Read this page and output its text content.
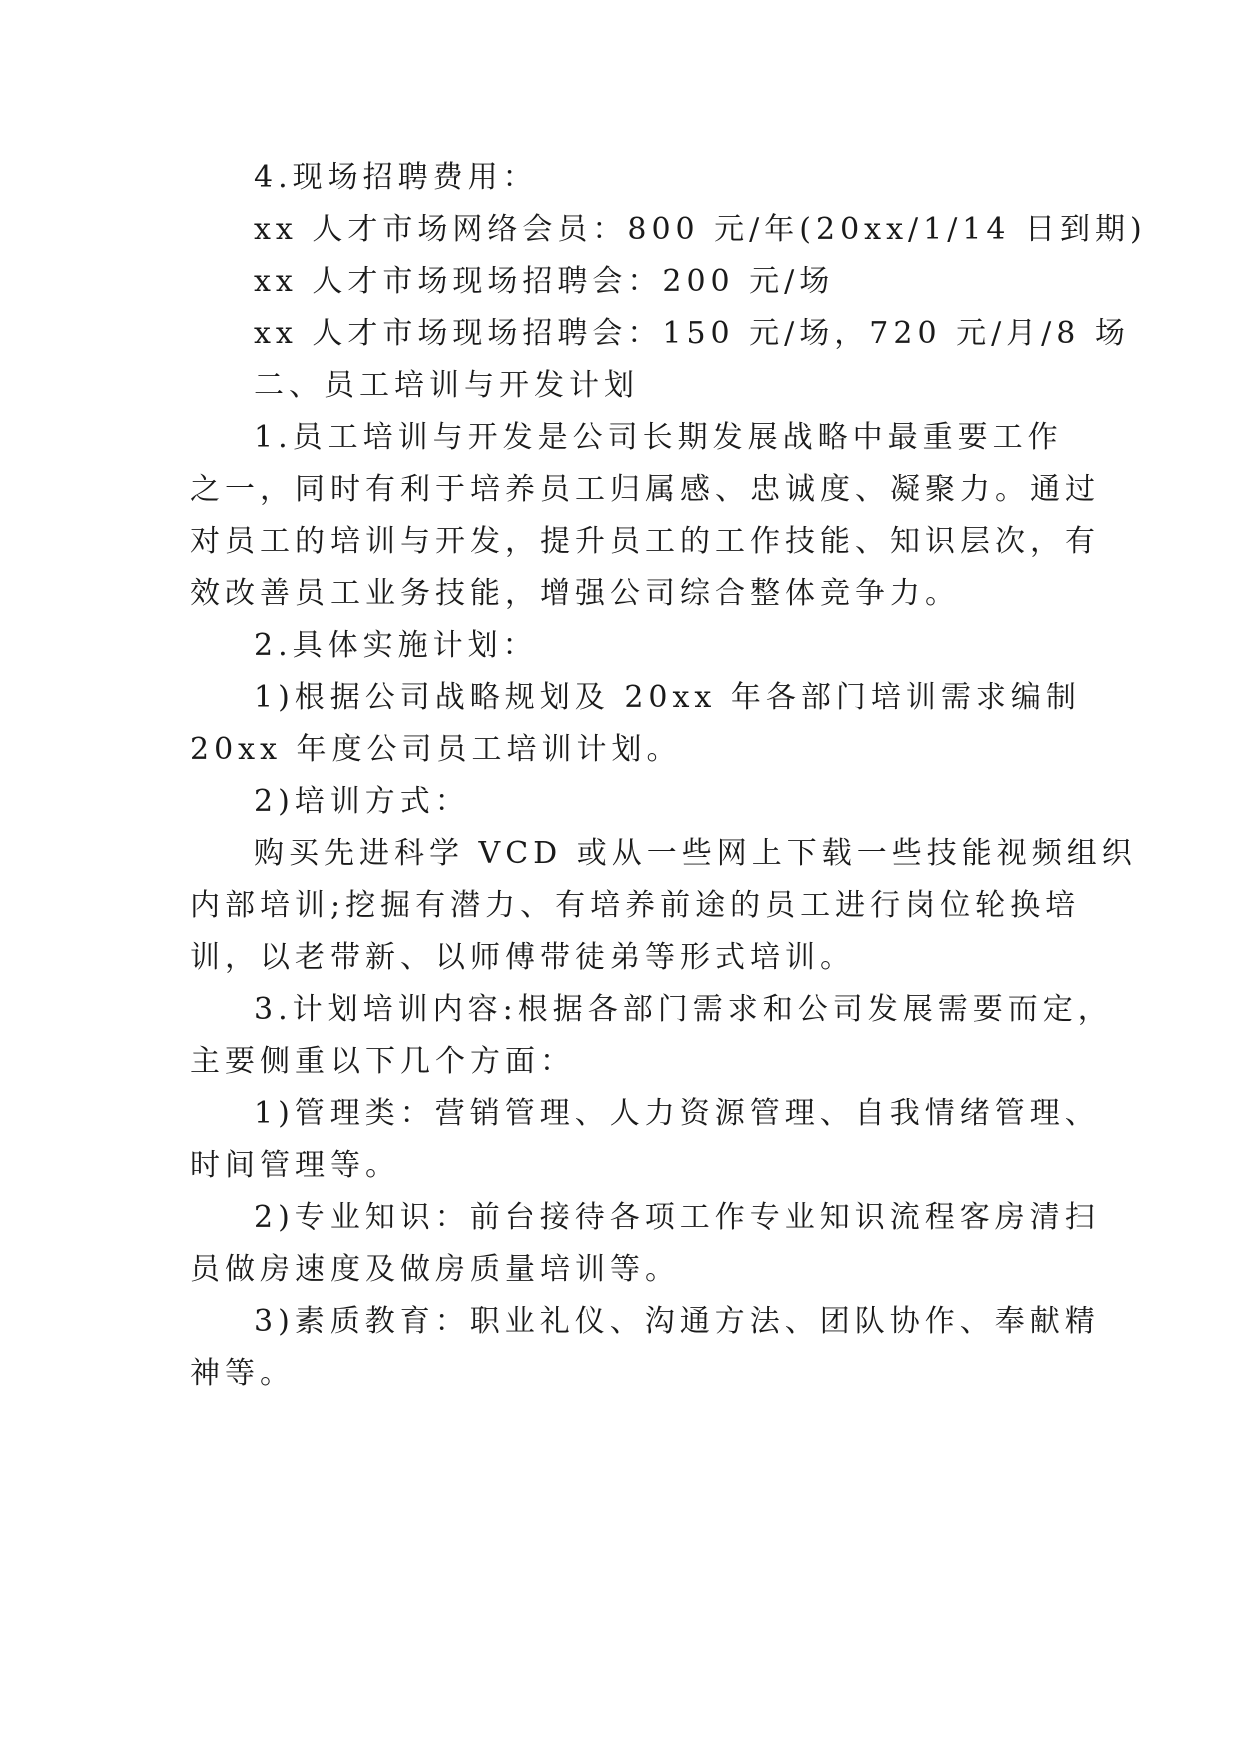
4.现场招聘费用：
xx 人才市场网络会员：800 元/年(20xx/1/14 日到期)
xx 人才市场现场招聘会：200 元/场
xx 人才市场现场招聘会：150 元/场，720 元/月/8 场
二、员工培训与开发计划
1.员工培训与开发是公司长期发展战略中最重要工作
之一，同时有利于培养员工归属感、忠诚度、凝聚力。通过
对员工的培训与开发，提升员工的工作技能、知识层次，有
效改善员工业务技能，增强公司综合整体竞争力。
2.具体实施计划：
1)根据公司战略规划及 20xx 年各部门培训需求编制
20xx 年度公司员工培训计划。
2)培训方式：
购买先进科学 VCD 或从一些网上下载一些技能视频组织
内部培训;挖掘有潜力、有培养前途的员工进行岗位轮换培
训，以老带新、以师傅带徒弟等形式培训。
3.计划培训内容:根据各部门需求和公司发展需要而定，
主要侧重以下几个方面：
1)管理类：营销管理、人力资源管理、自我情绪管理、
时间管理等。
2)专业知识：前台接待各项工作专业知识流程客房清扫
员做房速度及做房质量培训等。
3)素质教育：职业礼仪、沟通方法、团队协作、奉献精
神等。
